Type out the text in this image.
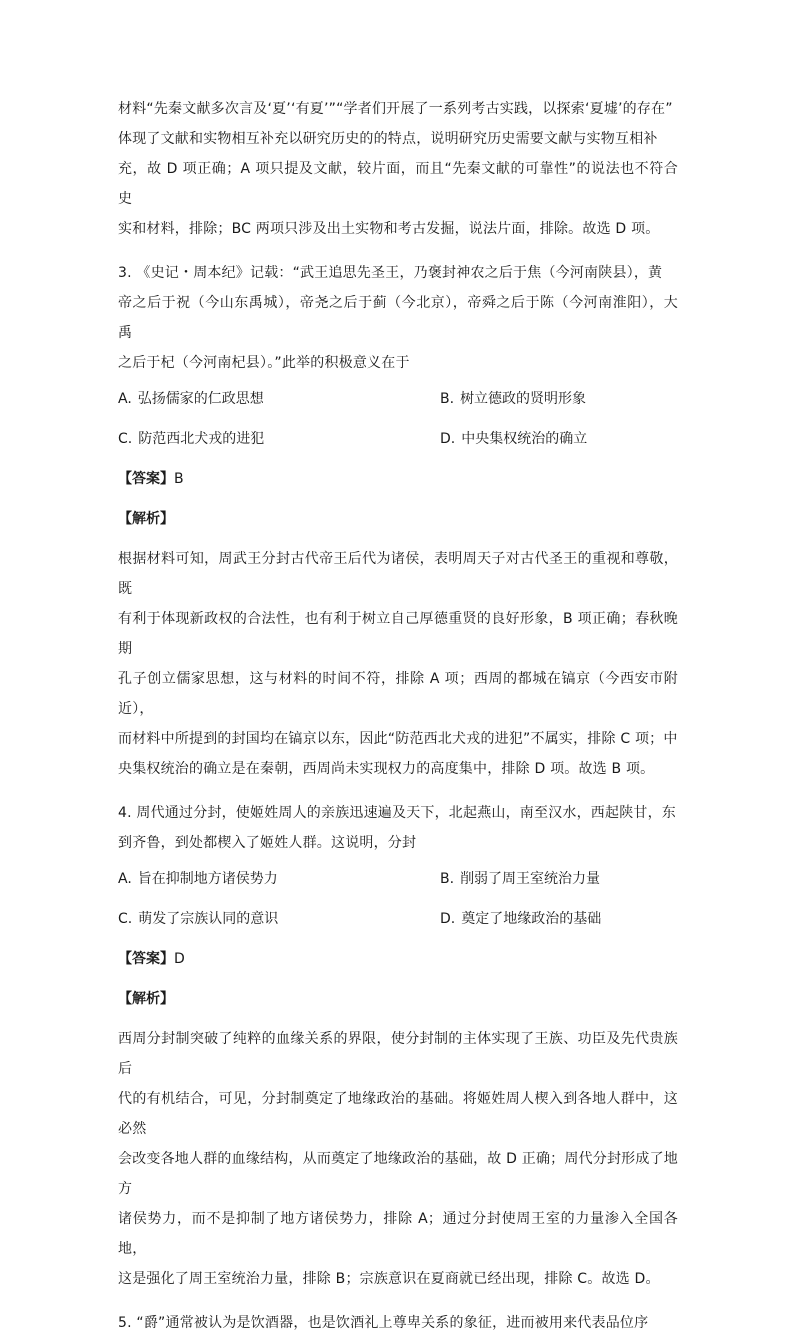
材料“先秦文献多次言及‘夏’‘有夏’”“学者们开展了一系列考古实践，以探索‘夏墟’的存在”

体现了文献和实物相互补充以研究历史的的特点，说明研究历史需要文献与实物互相补

充，故 D 项正确；A 项只提及文献，较片面，而且“先秦文献的可靠性”的说法也不符合史

实和材料，排除；BC 两项只涉及出土实物和考古发掘，说法片面，排除。故选 D 项。

3. 《史记・周本纪》记载：“武王追思先圣王，乃褒封神农之后于焦（今河南陕县），黄

帝之后于祝（今山东禹城），帝尧之后于蓟（今北京），帝舜之后于陈（今河南淮阳），大禹

之后于杞（今河南杞县）。”此举的积极意义在于

A. 弘扬儒家的仁政思想	B. 树立德政的贤明形象
C. 防范西北犬戎的进犯	D. 中央集权统治的确立
【答案】B
【解析】

根据材料可知，周武王分封古代帝王后代为诸侯，表明周天子对古代圣王的重视和尊敬，既

有利于体现新政权的合法性，也有利于树立自己厚德重贤的良好形象，B 项正确；春秋晚期

孔子创立儒家思想，这与材料的时间不符，排除 A 项；西周的都城在镐京（今西安市附近），

而材料中所提到的封国均在镐京以东，因此“防范西北犬戎的进犯”不属实，排除 C 项；中

央集权统治的确立是在秦朝，西周尚未实现权力的高度集中，排除 D 项。故选 B 项。

4. 周代通过分封，使姬姓周人的亲族迅速遍及天下，北起燕山，南至汉水，西起陕甘，东

到齐鲁，到处都楔入了姬姓人群。这说明，分封

A. 旨在抑制地方诸侯势力	B. 削弱了周王室统治力量
C. 萌发了宗族认同的意识	D. 奠定了地缘政治的基础
【答案】D
【解析】

西周分封制突破了纯粹的血缘关系的界限，使分封制的主体实现了王族、功臣及先代贵族后

代的有机结合，可见，分封制奠定了地缘政治的基础。将姬姓周人楔入到各地人群中，这必然

会改变各地人群的血缘结构，从而奠定了地缘政治的基础，故 D 正确；周代分封形成了地方

诸侯势力，而不是抑制了地方诸侯势力，排除 A；通过分封使周王室的力量渗入全国各地，

这是强化了周王室统治力量，排除 B；宗族意识在夏商就已经出现，排除 C。故选 D。

5. “爵”通常被认为是饮酒器，也是饮酒礼上尊卑关系的象征，进而被用来代表品位序
